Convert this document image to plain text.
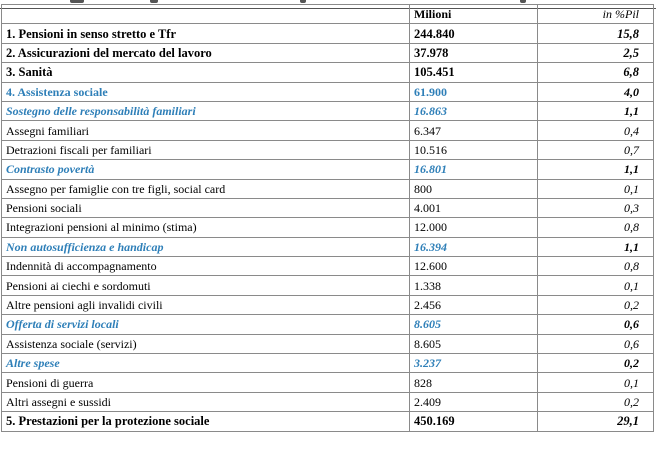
	Milioni	in %Pil
1. Pensioni in senso stretto e Tfr	244.840	15,8
2. Assicurazioni del mercato del lavoro	37.978	2,5
3. Sanità	105.451	6,8
4. Assistenza sociale	61.900	4,0
Sostegno delle responsabilità familiari	16.863	1,1
Assegni familiari	6.347	0,4
Detrazioni fiscali per familiari	10.516	0,7
Contrasto povertà	16.801	1,1
Assegno per famiglie con tre figli, social card	800	0,1
Pensioni sociali	4.001	0,3
Integrazioni pensioni al minimo (stima)	12.000	0,8
Non autosufficienza e handicap	16.394	1,1
Indennità di accompagnamento	12.600	0,8
Pensioni ai ciechi e sordomuti	1.338	0,1
Altre pensioni agli invalidi civili	2.456	0,2
Offerta di servizi locali	8.605	0,6
Assistenza sociale (servizi)	8.605	0,6
Altre spese	3.237	0,2
Pensioni di guerra	828	0,1
Altri assegni e sussidi	2.409	0,2
5. Prestazioni per la protezione sociale	450.169	29,1
